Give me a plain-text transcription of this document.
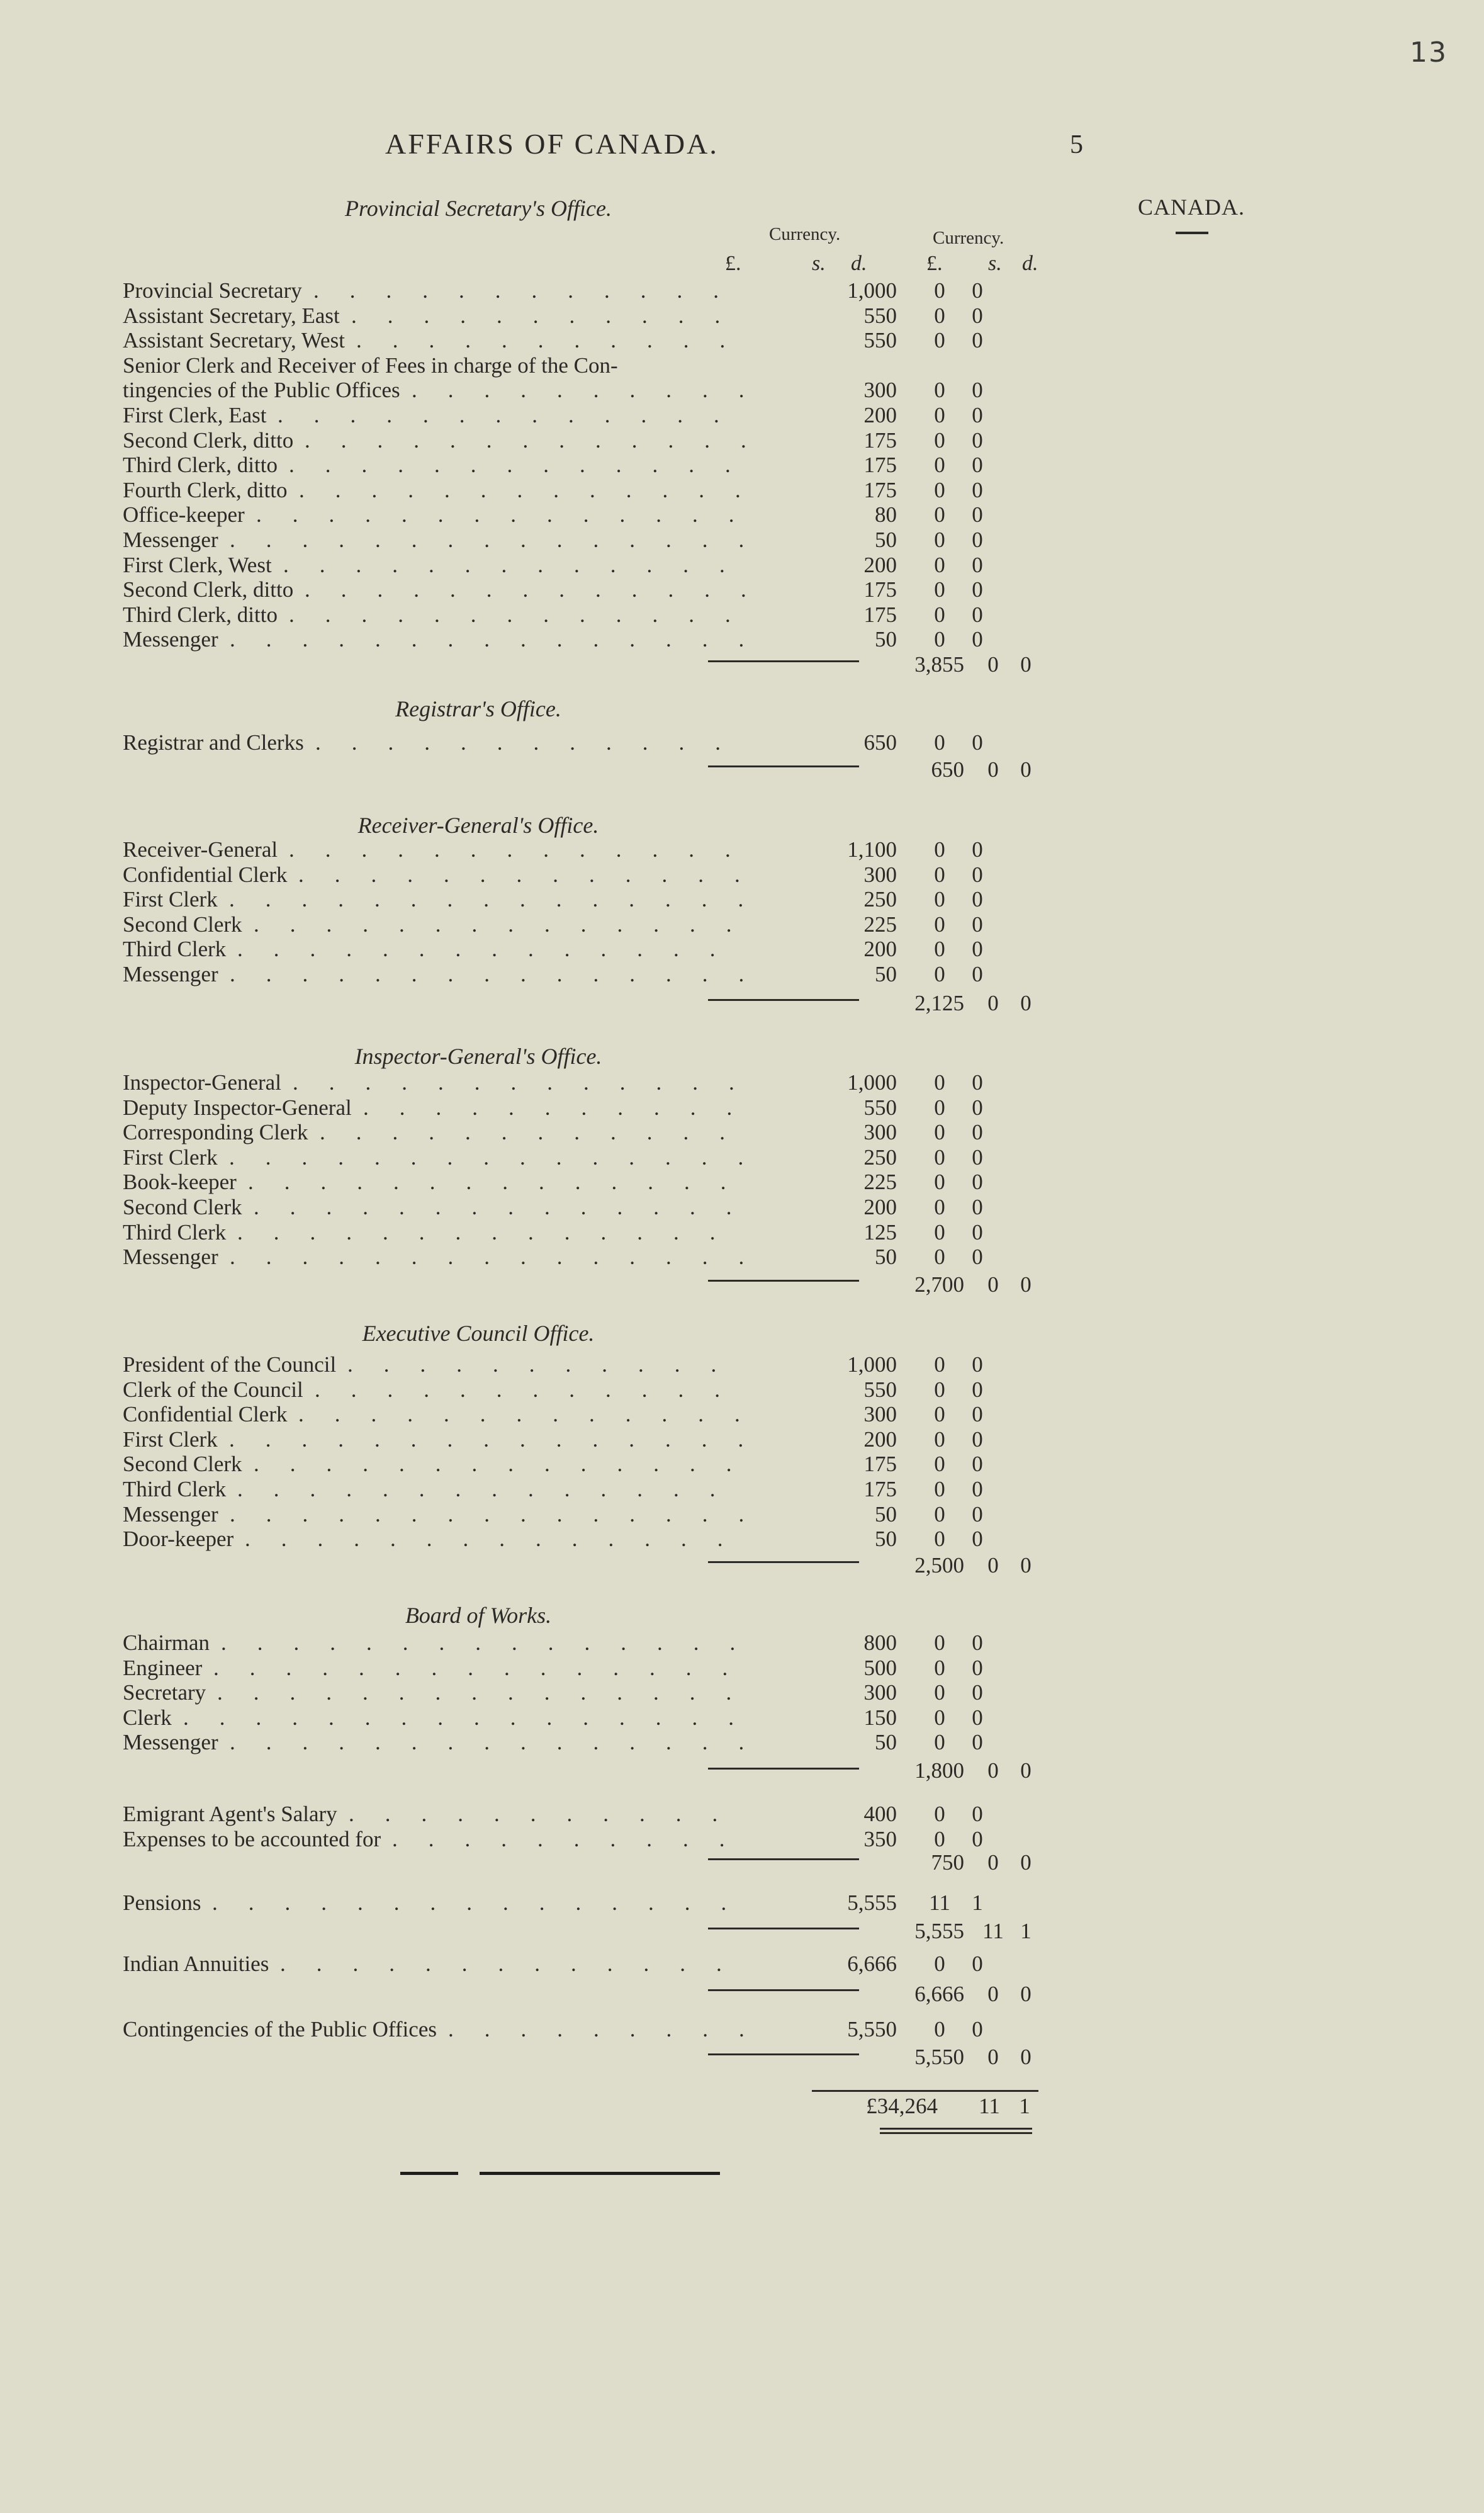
13
AFFAIRS OF CANADA.	5
CANADA.
Currency.	Currency.
£.	s. d.	£. s. d.
Provincial Secretary's Office.
Provincial Secretary ............	1,000	0	0
Assistant Secretary, East ...........	550	0	0
Assistant Secretary, West ...........	550	0	0
Senior Clerk and Receiver of Fees in charge of the Con-
tingencies of the Public Offices ..........	300	0	0
First Clerk, East .............	200	0	0
Second Clerk, ditto .............	175	0	0
Third Clerk, ditto .............	175	0	0
Fourth Clerk, ditto .............	175	0	0
Office-keeper ..............	80	0	0
Messenger ...............	50	0	0
First Clerk, West .............	200	0	0
Second Clerk, ditto .............	175	0	0
Third Clerk, ditto .............	175	0	0
Messenger ...............	50	0	0
3,855	0 0
Registrar's Office.
Registrar and Clerks ............	650	0	0
650	0 0
Receiver-General's Office.
Receiver-General .............	1,100	0	0
Confidential Clerk .............	300	0	0
First Clerk ...............	250	0	0
Second Clerk ..............	225	0	0
Third Clerk ..............	200	0	0
Messenger ...............	50	0	0
2,125	0 0
Inspector-General's Office.
Inspector-General .............	1,000	0	0
Deputy Inspector-General ...........	550	0	0
Corresponding Clerk ............	300	0	0
First Clerk ...............	250	0	0
Book-keeper ..............	225	0	0
Second Clerk ..............	200	0	0
Third Clerk ..............	125	0	0
Messenger ...............	50	0	0
2,700	0 0
Executive Council Office.
President of the Council ...........	1,000	0	0
Clerk of the Council ............	550	0	0
Confidential Clerk .............	300	0	0
First Clerk ...............	200	0	0
Second Clerk ..............	175	0	0
Third Clerk ..............	175	0	0
Messenger ...............	50	0	0
Door-keeper ..............	50	0	0
2,500	0 0
Board of Works.
Chairman ...............	800	0	0
Engineer ...............	500	0	0
Secretary ...............	300	0	0
Clerk ................	150	0	0
Messenger ...............	50	0	0
1,800	0 0
Emigrant Agent's Salary ...........	400	0	0
Expenses to be accounted for ..........	350	0	0
750	0 0
Pensions ...............	5,555 11 1
5,555 11 1
Indian Annuities .............	6,666	0	0
6,666	0 0
Contingencies of the Public Offices .........	5,550	0	0
5,550	0 0
£34,264 11 1
